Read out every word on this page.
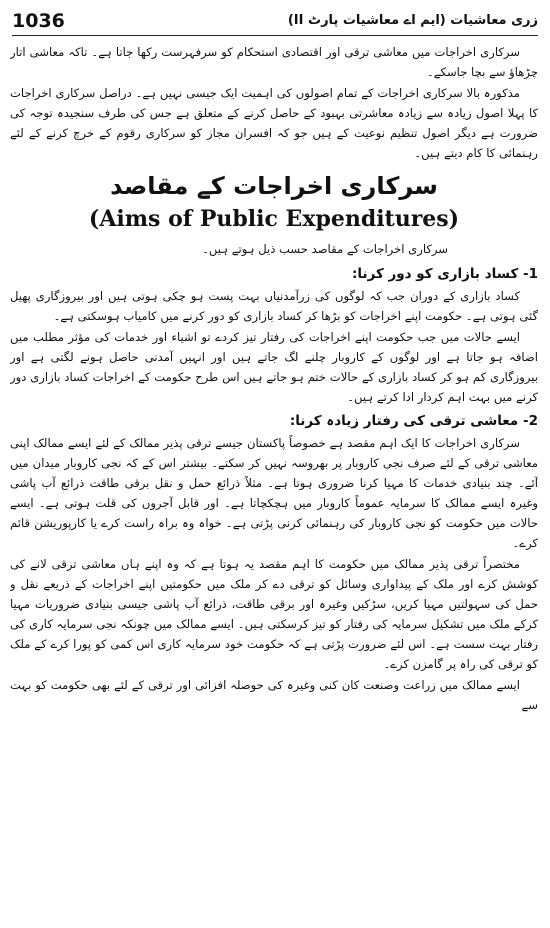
1036	زری معاشیات (ایم اے معاشیات پارٹ II)

سرکاری اخراجات میں معاشی ترقی اور اقتصادی استحکام کو سرفہرست رکھا جاتا ہے۔ تاکہ معاشی اتار چڑھاؤ سے بچا جاسکے۔

مذکورہ بالا سرکاری اخراجات کے تمام اصولوں کی اہمیت ایک جیسی نہیں ہے۔ دراصل سرکاری اخراجات کا پہلا اصول زیادہ سے زیادہ معاشرتی بہبود کے حاصل کرنے کے متعلق ہے جس کی طرف سنجیدہ توجہ کی ضرورت ہے دیگر اصول تنظیم نوعیت کے ہیں جو کہ افسران مجاز کو سرکاری رقوم کے خرچ کرنے کے لئے رہنمائی کا کام دیتے ہیں۔

سرکاری اخراجات کے مقاصد
(Aims of Public Expenditures)

سرکاری اخراجات کے مقاصد حسب ذیل ہوتے ہیں۔

1- کساد بازاری کو دور کرنا:

کساد بازاری کے دوران جب کہ لوگوں کی زرآمدنیاں بہت پست ہو چکی ہوتی ہیں اور بیروزگاری پھیل گئی ہوتی ہے۔ حکومت اپنے اخراجات کو بڑھا کر کساد بازاری کو دور کرنے میں کامیاب ہوسکتی ہے۔

ایسے حالات میں جب حکومت اپنے اخراجات کی رفتار تیز کردے تو اشیاء اور خدمات کی مؤثر مطلب میں اضافہ ہو جاتا ہے اور لوگوں کے کاروبار چلنے لگ جاتے ہیں اور انہیں آمدنی حاصل ہونے لگتی ہے اور بیروزگاری کم ہو کر کساد بازاری کے حالات ختم ہو جاتے ہیں اس طرح حکومت کے اخراجات کساد بازاری دور کرنے میں بہت اہم کردار ادا کرتے ہیں۔

2- معاشی ترقی کی رفتار زیادہ کرنا:

سرکاری اخراجات کا ایک اہم مقصد ہے خصوصاً پاکستان جیسے ترقی پذیر ممالک کے لئے ایسے ممالک اپنی معاشی ترقی کے لئے صرف نجی کاروبار پر بھروسہ نہیں کر سکتے۔ بیشتر اس کے کہ نجی کاروبار میدان میں آئے۔ چند بنیادی خدمات کا مہیا کرنا ضروری ہوتا ہے۔ مثلاً ذرائع حمل و نقل برقی طاقت ذرائع آب پاشی وغیرہ ایسے ممالک کا سرمایہ عموماً کاروبار میں ہچکچاتا ہے۔ اور قابل آجروں کی قلت ہوتی ہے۔ ایسے حالات میں حکومت کو نجی کاروبار کی رہنمائی کرنی پڑتی ہے۔ خواہ وہ براہ راست کرے یا کارپوریشن قائم کرے۔

مختصراً ترقی پذیر ممالک میں حکومت کا اہم مقصد یہ ہوتا ہے کہ وہ اپنے ہاں معاشی ترقی لانے کی کوشش کرے اور ملک کے پیداواری وسائل کو ترقی دے کر ملک میں حکومتیں اپنے اخراجات کے ذریعے نقل و حمل کی سہولتیں مہیا کریں، سڑکیں وغیرہ اور برقی طاقت، ذرائع آب پاشی جیسی بنیادی ضروریات مہیا کرکے ملک میں تشکیل سرمایہ کی رفتار کو تیز کرسکتی ہیں۔ ایسے ممالک میں چونکہ نجی سرمایہ کاری کی رفتار بہت سست ہے۔ اس لئے ضرورت پڑتی ہے کہ حکومت خود سرمایہ کاری اس کمی کو پورا کرے کے ملک کو ترقی کی راہ پر گامزن کرے۔

ایسے ممالک میں زراعت وصنعت کان کنی وغیرہ کی حوصلہ افزائی اور ترقی کے لئے بھی حکومت کو بہت سے
